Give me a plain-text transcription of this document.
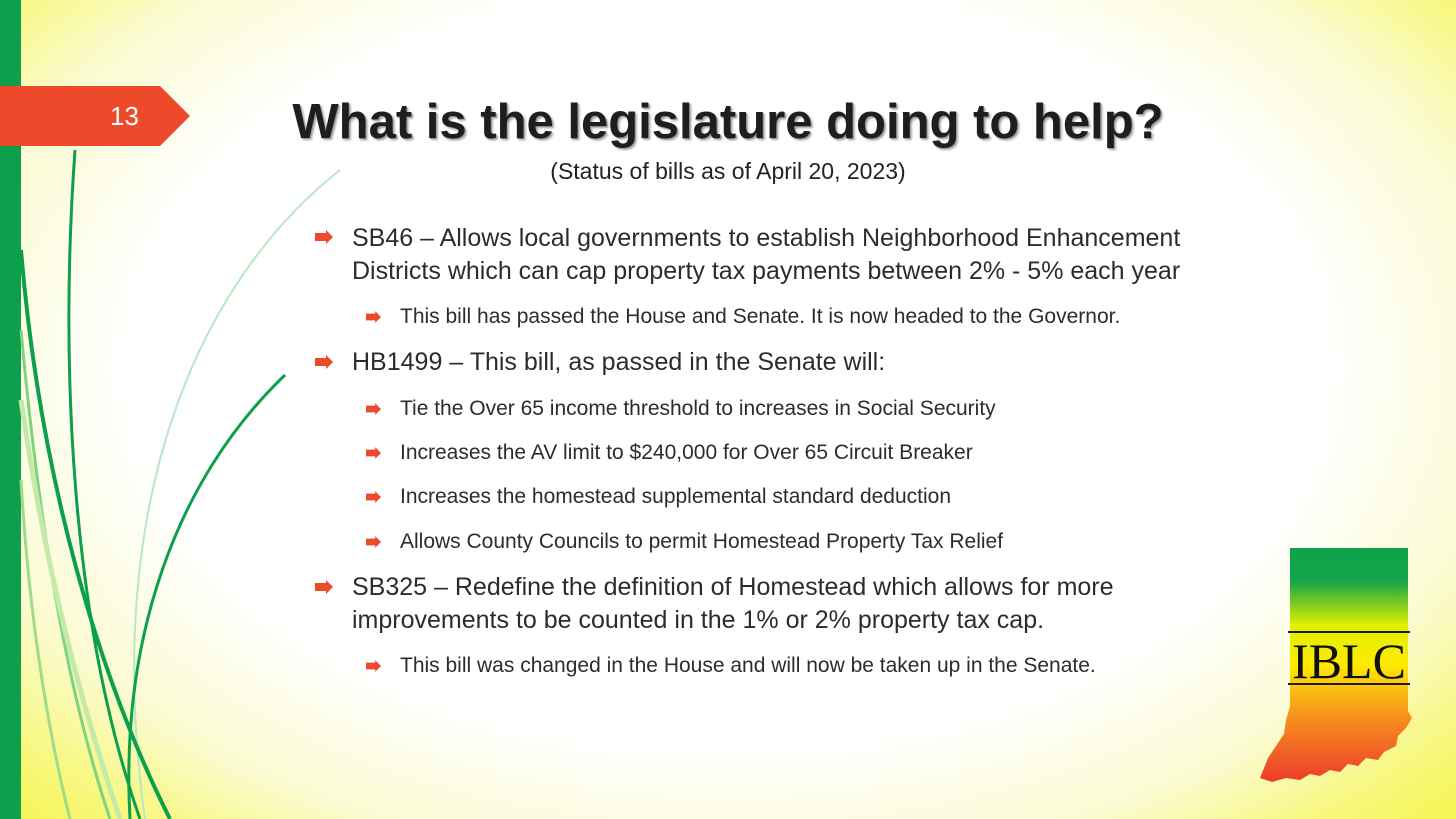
13	What is the legislature doing to help?
(Status of bills as of April 20, 2023)
SB46 – Allows local governments to establish Neighborhood Enhancement
Districts which can cap property tax payments between 2% - 5% each year
This bill has passed the House and Senate. It is now headed to the Governor.
HB1499 – This bill, as passed in the Senate will:
Tie the Over 65 income threshold to increases in Social Security
Increases the AV limit to $240,000 for Over 65 Circuit Breaker
Increases the homestead supplemental standard deduction
Allows County Councils to permit Homestead Property Tax Relief
SB325 – Redefine the definition of Homestead which allows for more
improvements to be counted in the 1% or 2% property tax cap.
This bill was changed in the House and will now be taken up in the Senate.	IBLC
